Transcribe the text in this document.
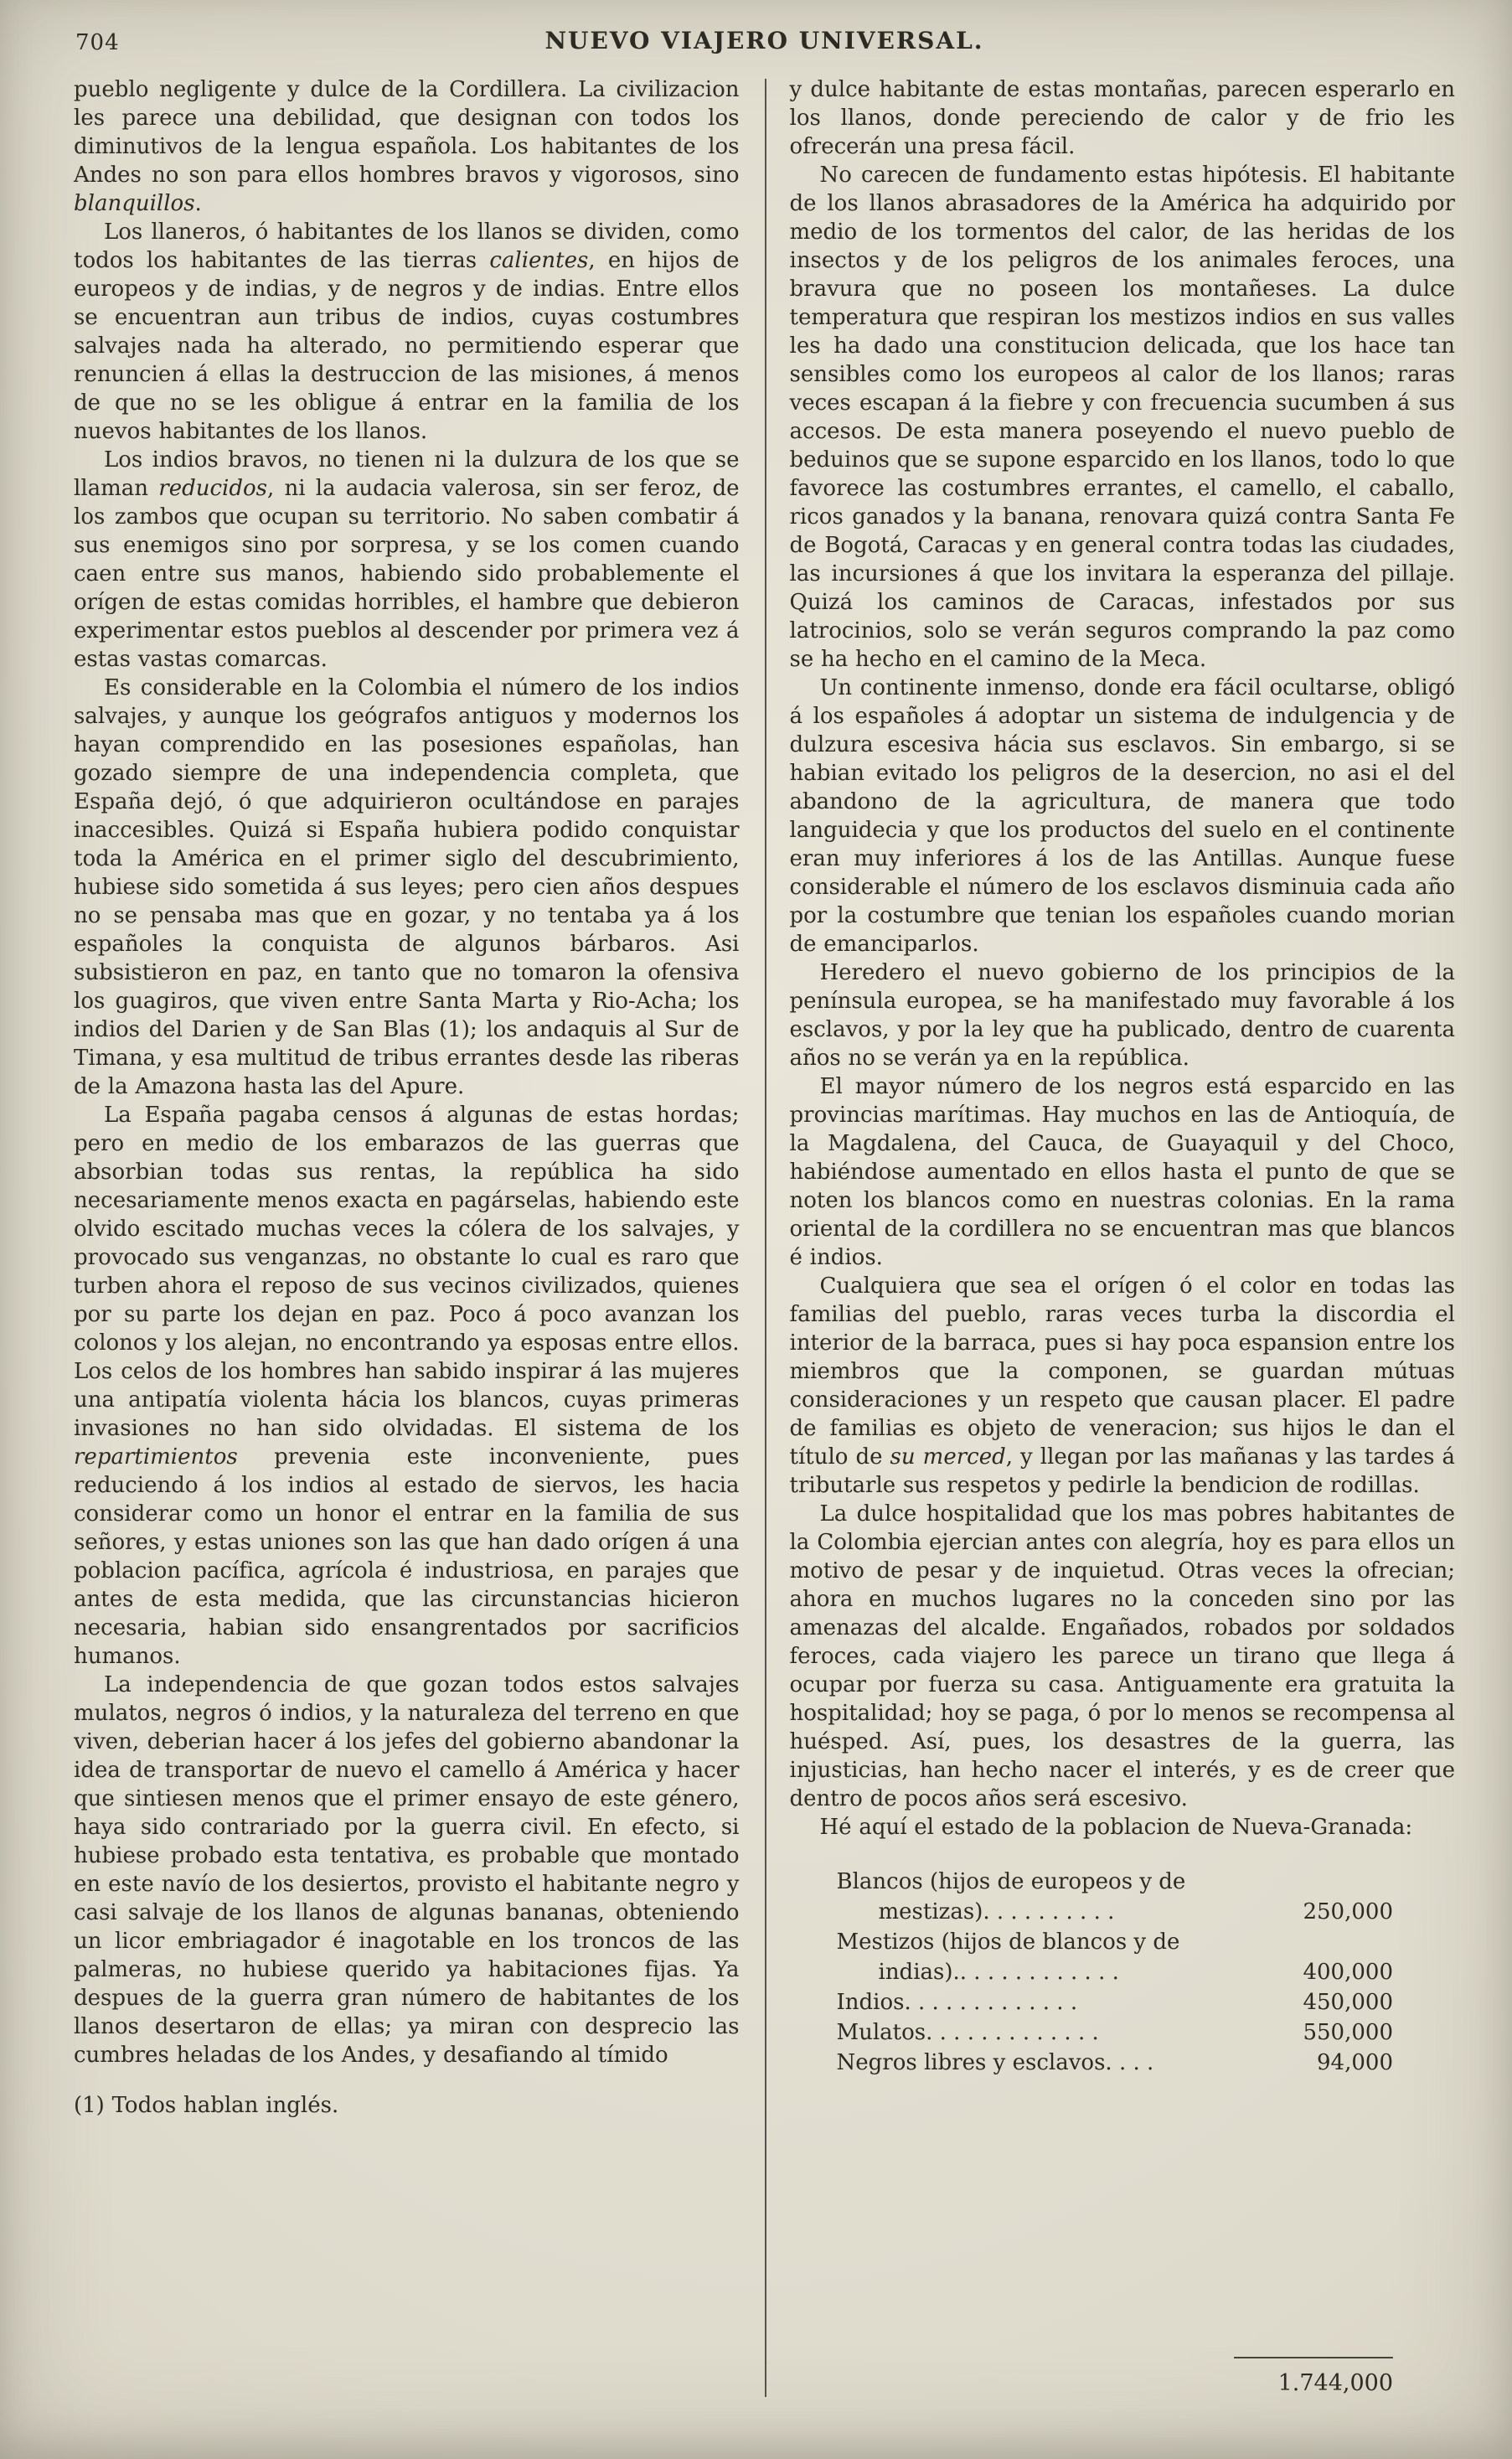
704	NUEVO VIAJERO UNIVERSAL.

pueblo negligente y dulce de la Cordillera. La civilizacion les parece una debilidad, que designan con todos los diminutivos de la lengua española. Los habitantes de los Andes no son para ellos hombres bravos y vigorosos, sino blanquillos.

Los llaneros, ó habitantes de los llanos se dividen, como todos los habitantes de las tierras calientes, en hijos de europeos y de indias, y de negros y de indias. Entre ellos se encuentran aun tribus de indios, cuyas costumbres salvajes nada ha alterado, no permitiendo esperar que renuncien á ellas la destruccion de las misiones, á menos de que no se les obligue á entrar en la familia de los nuevos habitantes de los llanos.

Los indios bravos, no tienen ni la dulzura de los que se llaman reducidos, ni la audacia valerosa, sin ser feroz, de los zambos que ocupan su territorio. No saben combatir á sus enemigos sino por sorpresa, y se los comen cuando caen entre sus manos, habiendo sido probablemente el orígen de estas comidas horribles, el hambre que debieron experimentar estos pueblos al descender por primera vez á estas vastas comarcas.

Es considerable en la Colombia el número de los indios salvajes, y aunque los geógrafos antiguos y modernos los hayan comprendido en las posesiones españolas, han gozado siempre de una independencia completa, que España dejó, ó que adquirieron ocultándose en parajes inaccesibles. Quizá si España hubiera podido conquistar toda la América en el primer siglo del descubrimiento, hubiese sido sometida á sus leyes; pero cien años despues no se pensaba mas que en gozar, y no tentaba ya á los españoles la conquista de algunos bárbaros. Asi subsistieron en paz, en tanto que no tomaron la ofensiva los guagiros, que viven entre Santa Marta y Rio-Acha; los indios del Darien y de San Blas (1); los andaquis al Sur de Timana, y esa multitud de tribus errantes desde las riberas de la Amazona hasta las del Apure.

La España pagaba censos á algunas de estas hordas; pero en medio de los embarazos de las guerras que absorbian todas sus rentas, la república ha sido necesariamente menos exacta en pagárselas, habiendo este olvido escitado muchas veces la cólera de los salvajes, y provocado sus venganzas, no obstante lo cual es raro que turben ahora el reposo de sus vecinos civilizados, quienes por su parte los dejan en paz. Poco á poco avanzan los colonos y los alejan, no encontrando ya esposas entre ellos. Los celos de los hombres han sabido inspirar á las mujeres una antipatía violenta hácia los blancos, cuyas primeras invasiones no han sido olvidadas. El sistema de los repartimientos prevenia este inconveniente, pues reduciendo á los indios al estado de siervos, les hacia considerar como un honor el entrar en la familia de sus señores, y estas uniones son las que han dado orígen á una poblacion pacífica, agrícola é industriosa, en parajes que antes de esta medida, que las circunstancias hicieron necesaria, habian sido ensangrentados por sacrificios humanos.

La independencia de que gozan todos estos salvajes mulatos, negros ó indios, y la naturaleza del terreno en que viven, deberian hacer á los jefes del gobierno abandonar la idea de transportar de nuevo el camello á América y hacer que sintiesen menos que el primer ensayo de este género, haya sido contrariado por la guerra civil. En efecto, si hubiese probado esta tentativa, es probable que montado en este navío de los desiertos, provisto el habitante negro y casi salvaje de los llanos de algunas bananas, obteniendo un licor embriagador é inagotable en los troncos de las palmeras, no hubiese querido ya habitaciones fijas. Ya despues de la guerra gran número de habitantes de los llanos desertaron de ellas; ya miran con desprecio las cumbres heladas de los Andes, y desafiando al tímido

(1) Todos hablan inglés.

y dulce habitante de estas montañas, parecen esperarlo en los llanos, donde pereciendo de calor y de frio les ofrecerán una presa fácil.

No carecen de fundamento estas hipótesis. El habitante de los llanos abrasadores de la América ha adquirido por medio de los tormentos del calor, de las heridas de los insectos y de los peligros de los animales feroces, una bravura que no poseen los montañeses. La dulce temperatura que respiran los mestizos indios en sus valles les ha dado una constitucion delicada, que los hace tan sensibles como los europeos al calor de los llanos; raras veces escapan á la fiebre y con frecuencia sucumben á sus accesos. De esta manera poseyendo el nuevo pueblo de beduinos que se supone esparcido en los llanos, todo lo que favorece las costumbres errantes, el camello, el caballo, ricos ganados y la banana, renovara quizá contra Santa Fe de Bogotá, Caracas y en general contra todas las ciudades, las incursiones á que los invitara la esperanza del pillaje. Quizá los caminos de Caracas, infestados por sus latrocinios, solo se verán seguros comprando la paz como se ha hecho en el camino de la Meca.

Un continente inmenso, donde era fácil ocultarse, obligó á los españoles á adoptar un sistema de indulgencia y de dulzura escesiva hácia sus esclavos. Sin embargo, si se habian evitado los peligros de la desercion, no asi el del abandono de la agricultura, de manera que todo languidecia y que los productos del suelo en el continente eran muy inferiores á los de las Antillas. Aunque fuese considerable el número de los esclavos disminuia cada año por la costumbre que tenian los españoles cuando morian de emanciparlos.

Heredero el nuevo gobierno de los principios de la península europea, se ha manifestado muy favorable á los esclavos, y por la ley que ha publicado, dentro de cuarenta años no se verán ya en la república.

El mayor número de los negros está esparcido en las provincias marítimas. Hay muchos en las de Antioquía, de la Magdalena, del Cauca, de Guayaquil y del Choco, habiéndose aumentado en ellos hasta el punto de que se noten los blancos como en nuestras colonias. En la rama oriental de la cordillera no se encuentran mas que blancos é indios.

Cualquiera que sea el orígen ó el color en todas las familias del pueblo, raras veces turba la discordia el interior de la barraca, pues si hay poca espansion entre los miembros que la componen, se guardan mútuas consideraciones y un respeto que causan placer. El padre de familias es objeto de veneracion; sus hijos le dan el título de su merced, y llegan por las mañanas y las tardes á tributarle sus respetos y pedirle la bendicion de rodillas.

La dulce hospitalidad que los mas pobres habitantes de la Colombia ejercian antes con alegría, hoy es para ellos un motivo de pesar y de inquietud. Otras veces la ofrecian; ahora en muchos lugares no la conceden sino por las amenazas del alcalde. Engañados, robados por soldados feroces, cada viajero les parece un tirano que llega á ocupar por fuerza su casa. Antiguamente era gratuita la hospitalidad; hoy se paga, ó por lo menos se recompensa al huésped. Así, pues, los desastres de la guerra, las injusticias, han hecho nacer el interés, y es de creer que dentro de pocos años será escesivo.

Hé aquí el estado de la poblacion de Nueva-Granada:

Blancos (hijos de europeos y de
mestizas). . . . . . . . . .	250,000
Mestizos (hijos de blancos y de
indias).. . . . . . . . . . . .	400,000
Indios. . . . . . . . . . . . .	450,000
Mulatos. . . . . . . . . . . . .	550,000
Negros libres y esclavos. . . .	94,000
1.744,000
